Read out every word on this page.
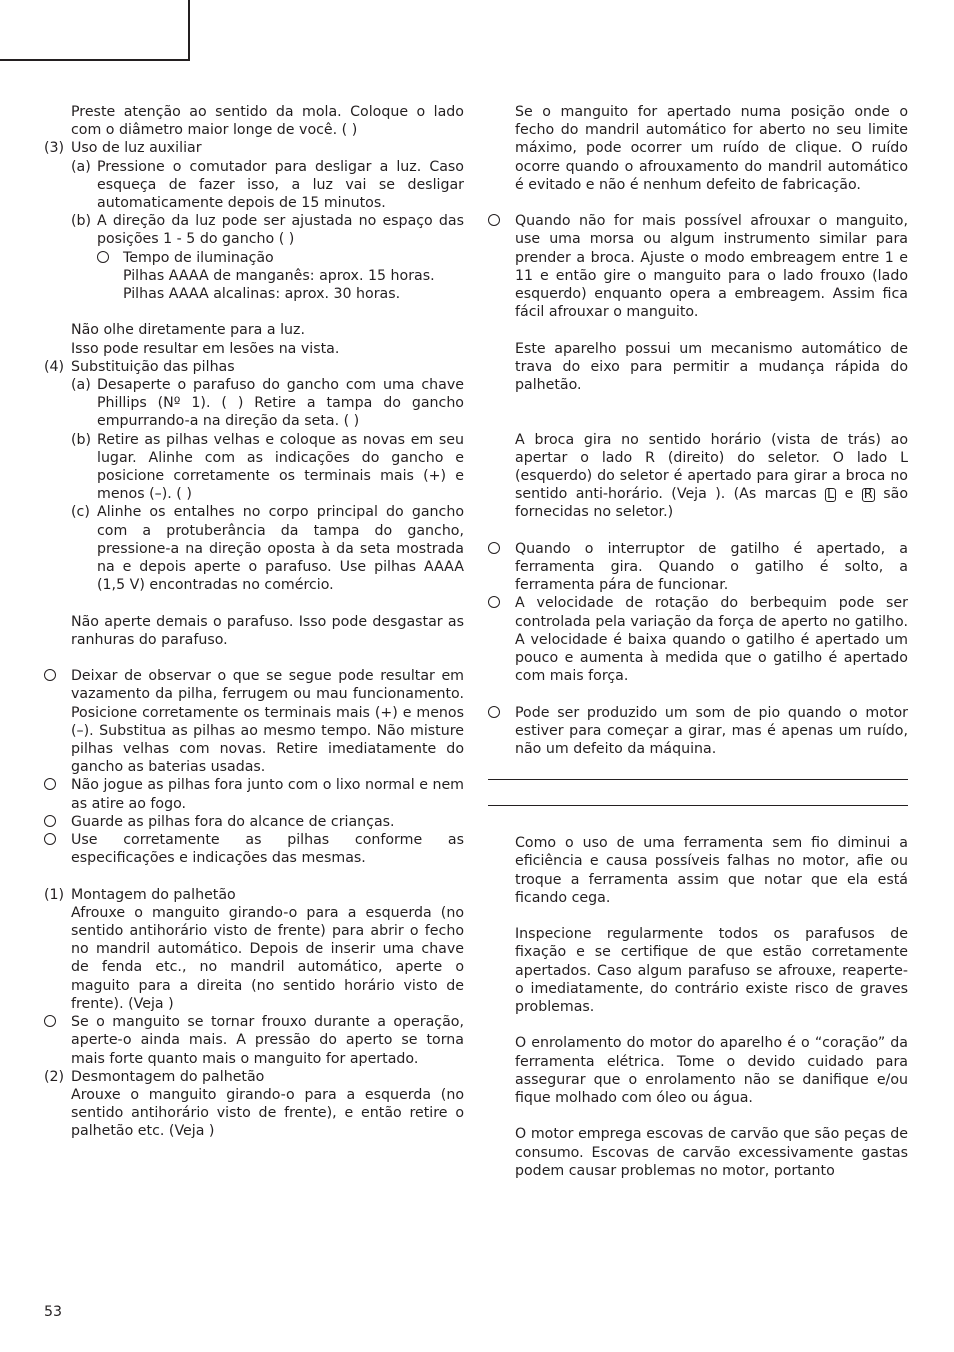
Preste atenção ao sentido da mola. Coloque o lado com o diâmetro maior longe de você. ( )

(3) Uso de luz auxiliar
(a) Pressione o comutador para desligar a luz. Caso esqueça de fazer isso, a luz vai se desligar automaticamente depois de 15 minutos.
(b) A direção da luz pode ser ajustada no espaço das posições 1 - 5 do gancho ( )
Tempo de iluminação

Pilhas AAAA de manganês: aprox. 15 horas.

Pilhas AAAA alcalinas: aprox. 30 horas.

Não olhe diretamente para a luz.

Isso pode resultar em lesões na vista.

(4) Substituição das pilhas
(a) Desaperte o parafuso do gancho com uma chave Phillips (Nº 1). ( ) Retire a tampa do gancho empurrando-a na direção da seta. ( )
(b) Retire as pilhas velhas e coloque as novas em seu lugar. Alinhe com as indicações do gancho e posicione corretamente os terminais mais (+) e menos (–). ( )
(c) Alinhe os entalhes no corpo principal do gancho com a protuberância da tampa do gancho, pressione-a na direção oposta à da seta mostrada na e depois aperte o parafuso. Use pilhas AAAA (1,5 V) encontradas no comércio.

Não aperte demais o parafuso. Isso pode desgastar as ranhuras do parafuso.

Deixar de observar o que se segue pode resultar em vazamento da pilha, ferrugem ou mau funcionamento. Posicione corretamente os terminais mais (+) e menos (–). Substitua as pilhas ao mesmo tempo. Não misture pilhas velhas com novas. Retire imediatamente do gancho as baterias usadas.
Não jogue as pilhas fora junto com o lixo normal e nem as atire ao fogo.
Guarde as pilhas fora do alcance de crianças.
Use corretamente as pilhas conforme as especificações e indicações das mesmas.
(1) Montagem do palhetão

Afrouxe o manguito girando-o para a esquerda (no sentido antihorário visto de frente) para abrir o fecho no mandril automático. Depois de inserir uma chave de fenda etc., no mandril automático, aperte o maguito para a direita (no sentido horário visto de frente). (Veja )

Se o manguito se tornar frouxo durante a operação, aperte-o ainda mais. A pressão do aperto se torna mais forte quanto mais o manguito for apertado.
(2) Desmontagem do palhetão

Arouxe o manguito girando-o para a esquerda (no sentido antihorário visto de frente), e então retire o palhetão etc. (Veja )

Se o manguito for apertado numa posição onde o fecho do mandril automático for aberto no seu limite máximo, pode ocorrer um ruído de clique. O ruído ocorre quando o afrouxamento do mandril automático é evitado e não é nenhum defeito de fabricação.

Quando não for mais possível afrouxar o manguito, use uma morsa ou algum instrumento similar para prender a broca. Ajuste o modo embreagem entre 1 e 11 e então gire o manguito para o lado frouxo (lado esquerdo) enquanto opera a embreagem. Assim fica fácil afrouxar o manguito.

Este aparelho possui um mecanismo automático de trava do eixo para permitir a mudança rápida do palhetão.

A broca gira no sentido horário (vista de trás) ao apertar o lado R (direito) do seletor. O lado L (esquerdo) do seletor é apertado para girar a broca no sentido anti-horário. (Veja ). (As marcas L e R são fornecidas no seletor.)

Quando o interruptor de gatilho é apertado, a ferramenta gira. Quando o gatilho é solto, a ferramenta pára de funcionar.
A velocidade de rotação do berbequim pode ser controlada pela variação da força de aperto no gatilho. A velocidade é baixa quando o gatilho é apertado um pouco e aumenta à medida que o gatilho é apertado com mais força.
Pode ser produzido um som de pio quando o motor estiver para começar a girar, mas é apenas um ruído, não um defeito da máquina.

Como o uso de uma ferramenta sem fio diminui a eficiência e causa possíveis falhas no motor, afie ou troque a ferramenta assim que notar que ela está ficando cega.

Inspecione regularmente todos os parafusos de fixação e se certifique de que estão corretamente apertados. Caso algum parafuso se afrouxe, reaperte-o imediatamente, do contrário existe risco de graves problemas.

O enrolamento do motor do aparelho é o “coração” da ferramenta elétrica. Tome o devido cuidado para assegurar que o enrolamento não se danifique e/ou fique molhado com óleo ou água.

O motor emprega escovas de carvão que são peças de consumo. Escovas de carvão excessivamente gastas podem causar problemas no motor, portanto

53
